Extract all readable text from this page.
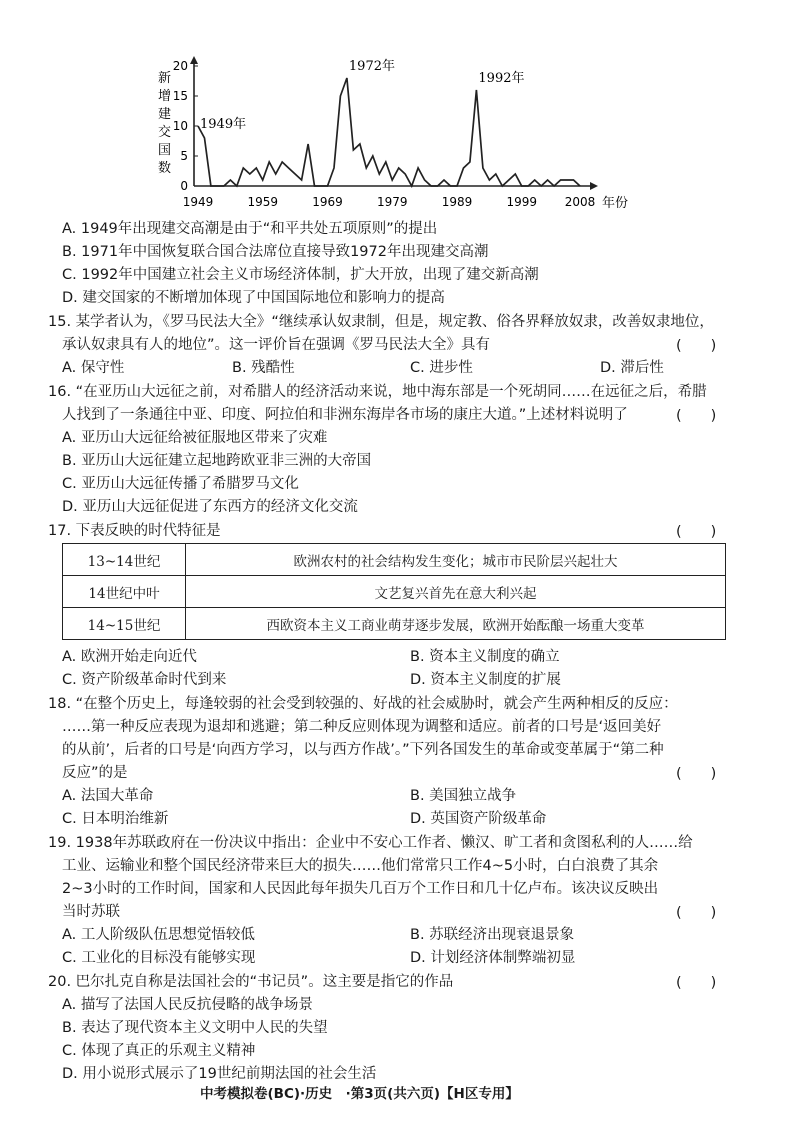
新
增
建
交
国
数
0
5
10
15
20
1949	1959	1969	1979	1989	1999 2008 年份
1949年
1972年
1992年
A. 1949年出现建交高潮是由于“和平共处五项原则”的提出
B. 1971年中国恢复联合国合法席位直接导致1972年出现建交高潮
C. 1992年中国建立社会主义市场经济体制，扩大开放，出现了建交新高潮
D. 建交国家的不断增加体现了中国国际地位和影响力的提高
15. 某学者认为，《罗马民法大全》“继续承认奴隶制，但是，规定教、俗各界释放奴隶，改善奴隶地位，
承认奴隶具有人的地位”。这一评价旨在强调《罗马民法大全》具有	(　　)
A. 保守性	B. 残酷性	C. 进步性	D. 滞后性
16. “在亚历山大远征之前，对希腊人的经济活动来说，地中海东部是一个死胡同……在远征之后，希腊
人找到了一条通往中亚、印度、阿拉伯和非洲东海岸各市场的康庄大道。”上述材料说明了	(　　)
A. 亚历山大远征给被征服地区带来了灾难
B. 亚历山大远征建立起地跨欧亚非三洲的大帝国
C. 亚历山大远征传播了希腊罗马文化
D. 亚历山大远征促进了东西方的经济文化交流
17. 下表反映的时代特征是	(　　)
13~14世纪	欧洲农村的社会结构发生变化；城市市民阶层兴起壮大
14世纪中叶	文艺复兴首先在意大利兴起
14~15世纪	西欧资本主义工商业萌芽逐步发展，欧洲开始酝酿一场重大变革
A. 欧洲开始走向近代	B. 资本主义制度的确立
C. 资产阶级革命时代到来	D. 资本主义制度的扩展
18. “在整个历史上，每逢较弱的社会受到较强的、好战的社会威胁时，就会产生两种相反的反应：
……第一种反应表现为退却和逃避；第二种反应则体现为调整和适应。前者的口号是‘返回美好
的从前’，后者的口号是‘向西方学习，以与西方作战’。”下列各国发生的革命或变革属于“第二种
反应”的是	(　　)
A. 法国大革命	B. 美国独立战争
C. 日本明治维新	D. 英国资产阶级革命
19. 1938年苏联政府在一份决议中指出：企业中不安心工作者、懒汉、旷工者和贪图私利的人……给
工业、运输业和整个国民经济带来巨大的损失……他们常常只工作4~5小时，白白浪费了其余
2~3小时的工作时间，国家和人民因此每年损失几百万个工作日和几十亿卢布。该决议反映出
当时苏联	(　　)
A. 工人阶级队伍思想觉悟较低	B. 苏联经济出现衰退景象
C. 工业化的目标没有能够实现	D. 计划经济体制弊端初显
20. 巴尔扎克自称是法国社会的“书记员”。这主要是指它的作品	(　　)
A. 描写了法国人民反抗侵略的战争场景
B. 表达了现代资本主义文明中人民的失望
C. 体现了真正的乐观主义精神
D. 用小说形式展示了19世纪前期法国的社会生活
中考模拟卷(BC)·历史　·第3页(共六页)【H区专用】
